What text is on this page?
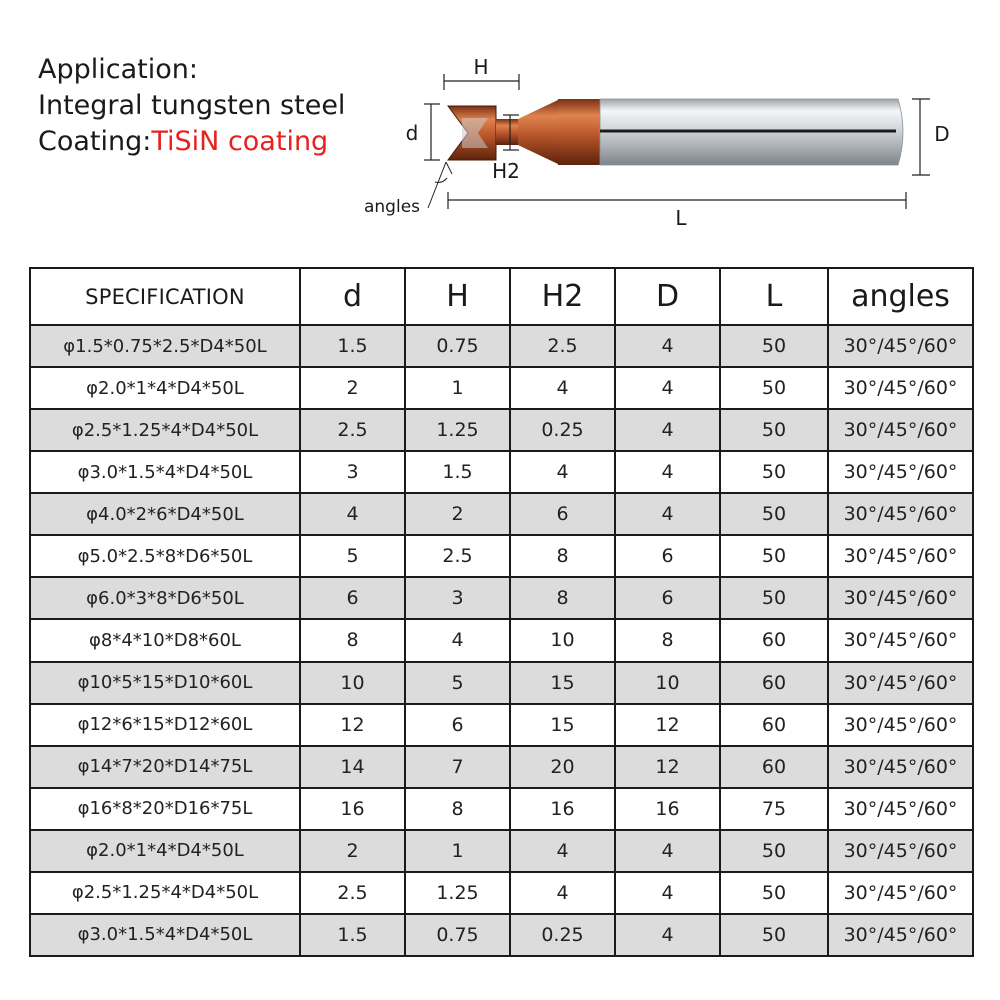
Application:
Integral tungsten steel
Coating:TiSiN coating
H
d
H2
D
L
angles
SPECIFICATION	d	H	H2	D	L	angles
φ1.5*0.75*2.5*D4*50L	1.5	0.75	2.5	4	50	30°/45°/60°
φ2.0*1*4*D4*50L	2	1	4	4	50	30°/45°/60°
φ2.5*1.25*4*D4*50L	2.5	1.25	0.25	4	50	30°/45°/60°
φ3.0*1.5*4*D4*50L	3	1.5	4	4	50	30°/45°/60°
φ4.0*2*6*D4*50L	4	2	6	4	50	30°/45°/60°
φ5.0*2.5*8*D6*50L	5	2.5	8	6	50	30°/45°/60°
φ6.0*3*8*D6*50L	6	3	8	6	50	30°/45°/60°
φ8*4*10*D8*60L	8	4	10	8	60	30°/45°/60°
φ10*5*15*D10*60L	10	5	15	10	60	30°/45°/60°
φ12*6*15*D12*60L	12	6	15	12	60	30°/45°/60°
φ14*7*20*D14*75L	14	7	20	12	60	30°/45°/60°
φ16*8*20*D16*75L	16	8	16	16	75	30°/45°/60°
φ2.0*1*4*D4*50L	2	1	4	4	50	30°/45°/60°
φ2.5*1.25*4*D4*50L	2.5	1.25	4	4	50	30°/45°/60°
φ3.0*1.5*4*D4*50L	1.5	0.75	0.25	4	50	30°/45°/60°
